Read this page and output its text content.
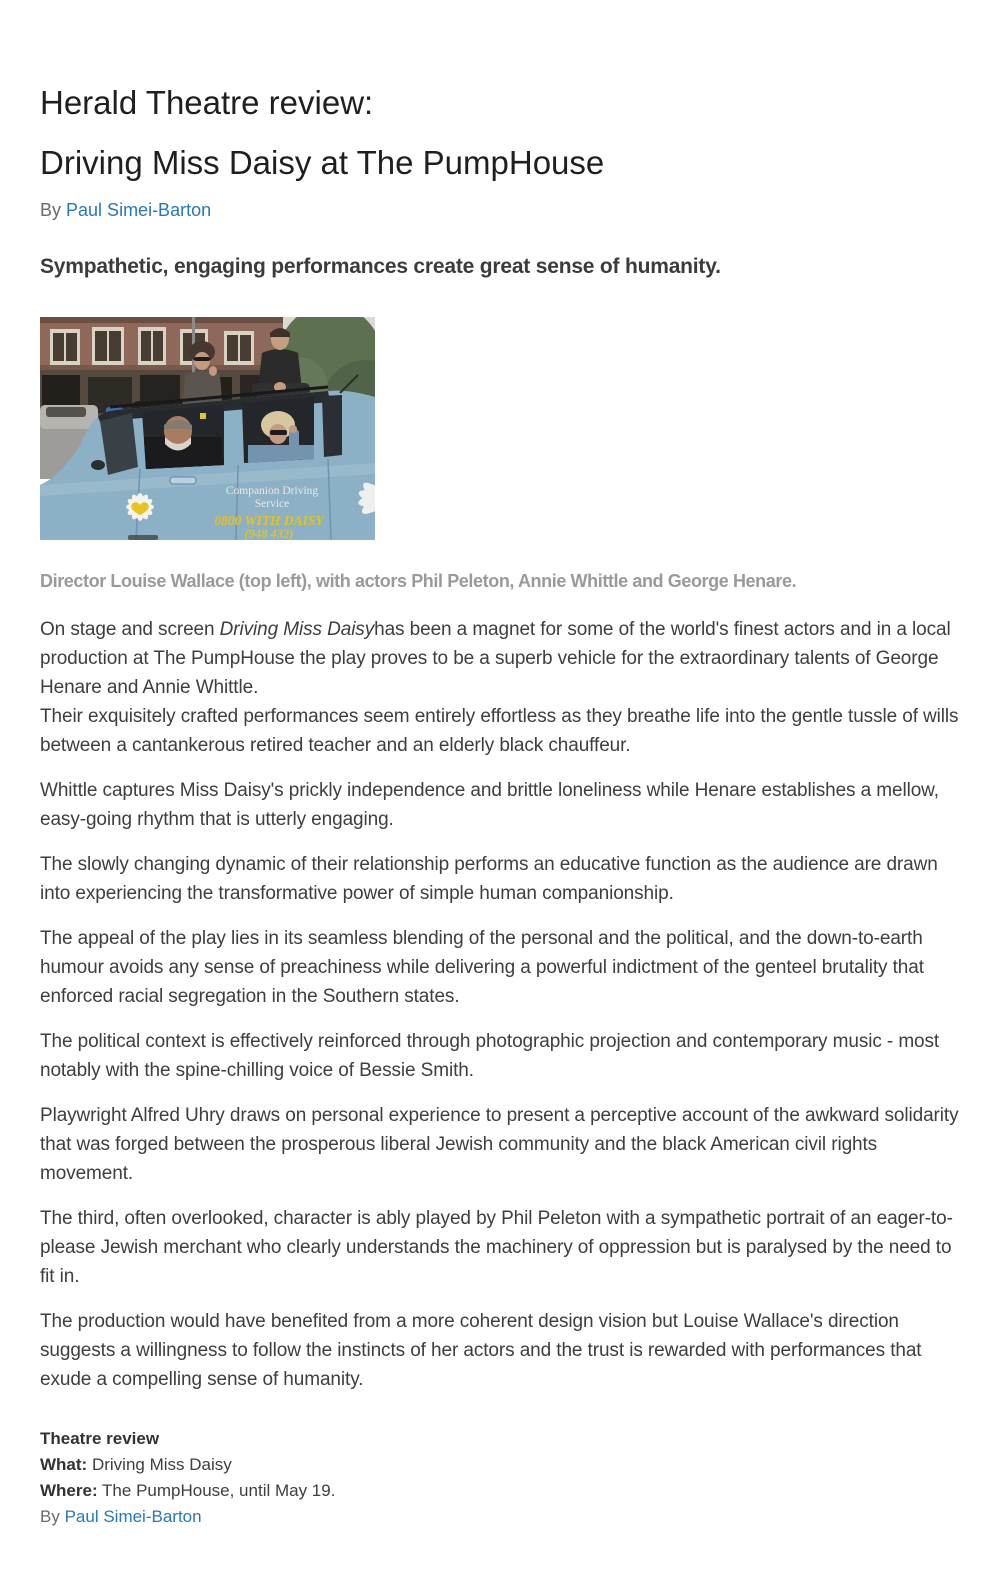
Herald Theatre review:
Driving Miss Daisy at The PumpHouse

By Paul Simei-Barton

Sympathetic, engaging performances create great sense of humanity.

Companion Driving
Service
0800 WITH DAISY
(948 432)

Director Louise Wallace (top left), with actors Phil Peleton, Annie Whittle and George Henare.

On stage and screen Driving Miss Daisyhas been a magnet for some of the world's finest actors and in a local production at The PumpHouse the play proves to be a superb vehicle for the extraordinary talents of George Henare and Annie Whittle.
Their exquisitely crafted performances seem entirely effortless as they breathe life into the gentle tussle of wills between a cantankerous retired teacher and an elderly black chauffeur.

Whittle captures Miss Daisy's prickly independence and brittle loneliness while Henare establishes a mellow, easy-going rhythm that is utterly engaging.

The slowly changing dynamic of their relationship performs an educative function as the audience are drawn into experiencing the transformative power of simple human companionship.

The appeal of the play lies in its seamless blending of the personal and the political, and the down-to-earth humour avoids any sense of preachiness while delivering a powerful indictment of the genteel brutality that enforced racial segregation in the Southern states.

The political context is effectively reinforced through photographic projection and contemporary music - most notably with the spine-chilling voice of Bessie Smith.

Playwright Alfred Uhry draws on personal experience to present a perceptive account of the awkward solidarity that was forged between the prosperous liberal Jewish community and the black American civil rights movement.

The third, often overlooked, character is ably played by Phil Peleton with a sympathetic portrait of an eager-to-please Jewish merchant who clearly understands the machinery of oppression but is paralysed by the need to fit in.

The production would have benefited from a more coherent design vision but Louise Wallace's direction suggests a willingness to follow the instincts of her actors and the trust is rewarded with performances that exude a compelling sense of humanity.

Theatre review

What: Driving Miss Daisy

Where: The PumpHouse, until May 19.

By Paul Simei-Barton
